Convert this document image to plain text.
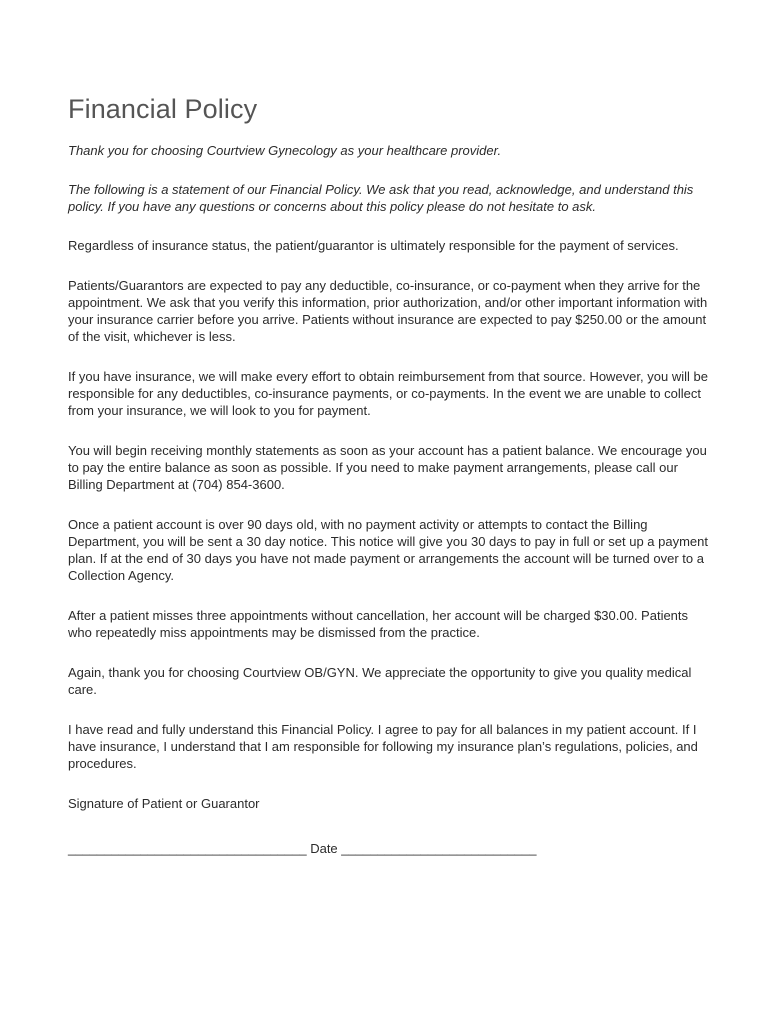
Financial Policy

Thank you for choosing Courtview Gynecology as your healthcare provider.

The following is a statement of our Financial Policy. We ask that you read, acknowledge, and understand this policy. If you have any questions or concerns about this policy please do not hesitate to ask.

Regardless of insurance status, the patient/guarantor is ultimately responsible for the payment of services.

Patients/Guarantors are expected to pay any deductible, co-insurance, or co-payment when they arrive for the appointment. We ask that you verify this information, prior authorization, and/or other important information with your insurance carrier before you arrive. Patients without insurance are expected to pay $250.00 or the amount of the visit, whichever is less.

If you have insurance, we will make every effort to obtain reimbursement from that source. However, you will be responsible for any deductibles, co-insurance payments, or co-payments. In the event we are unable to collect from your insurance, we will look to you for payment.

You will begin receiving monthly statements as soon as your account has a patient balance. We encourage you to pay the entire balance as soon as possible. If you need to make payment arrangements, please call our Billing Department at (704) 854-3600.

Once a patient account is over 90 days old, with no payment activity or attempts to contact the Billing Department, you will be sent a 30 day notice. This notice will give you 30 days to pay in full or set up a payment plan. If at the end of 30 days you have not made payment or arrangements the account will be turned over to a Collection Agency.

After a patient misses three appointments without cancellation, her account will be charged $30.00. Patients who repeatedly miss appointments may be dismissed from the practice.

Again, thank you for choosing Courtview OB/GYN. We appreciate the opportunity to give you quality medical care.

I have read and fully understand this Financial Policy. I agree to pay for all balances in my patient account. If I have insurance, I understand that I am responsible for following my insurance plan’s regulations, policies, and procedures.

Signature of Patient or Guarantor

_________________________________ Date ___________________________
